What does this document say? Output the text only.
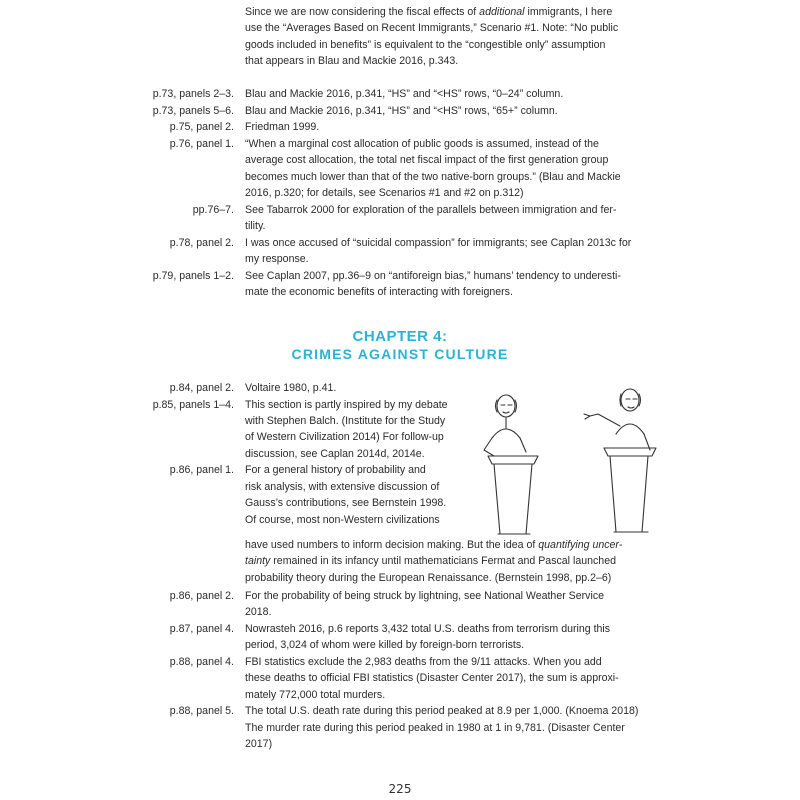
Since we are now considering the fiscal effects of additional immigrants, I here
use the “Averages Based on Recent Immigrants,” Scenario #1. Note: “No public
goods included in benefits” is equivalent to the “congestible only” assumption
that appears in Blau and Mackie 2016, p.343.
p.73, panels 2–3. Blau and Mackie 2016, p.341, “HS” and “<HS” rows, “0–24” column.
p.73, panels 5–6. Blau and Mackie 2016, p.341, “HS” and “<HS” rows, “65+” column.
p.75, panel 2. Friedman 1999.
p.76, panel 1. “When a marginal cost allocation of public goods is assumed, instead of the
average cost allocation, the total net fiscal impact of the first generation group
becomes much lower than that of the two native-born groups.” (Blau and Mackie
2016, p.320; for details, see Scenarios #1 and #2 on p.312)
pp.76–7. See Tabarrok 2000 for exploration of the parallels between immigration and fer-
tility.
p.78, panel 2. I was once accused of “suicidal compassion” for immigrants; see Caplan 2013c for
my response.
p.79, panels 1–2. See Caplan 2007, pp.36–9 on “antiforeign bias,” humans’ tendency to underesti-
mate the economic benefits of interacting with foreigners.
CHAPTER 4:
CRIMES AGAINST CULTURE
p.84, panel 2. Voltaire 1980, p.41.
p.85, panels 1–4. This section is partly inspired by my debate
with Stephen Balch. (Institute for the Study
of Western Civilization 2014) For follow-up
discussion, see Caplan 2014d, 2014e.
p.86, panel 1. For a general history of probability and
risk analysis, with extensive discussion of
Gauss’s contributions, see Bernstein 1998.
Of course, most non-Western civilizations
have used numbers to inform decision making. But the idea of quantifying uncer-
tainty remained in its infancy until mathematicians Fermat and Pascal launched
probability theory during the European Renaissance. (Bernstein 1998, pp.2–6)
p.86, panel 2. For the probability of being struck by lightning, see National Weather Service
2018.
p.87, panel 4. Nowrasteh 2016, p.6 reports 3,432 total U.S. deaths from terrorism during this
period, 3,024 of whom were killed by foreign-born terrorists.
p.88, panel 4. FBI statistics exclude the 2,983 deaths from the 9/11 attacks. When you add
these deaths to official FBI statistics (Disaster Center 2017), the sum is approxi-
mately 772,000 total murders.
p.88, panel 5. The total U.S. death rate during this period peaked at 8.9 per 1,000. (Knoema 2018)
The murder rate during this period peaked in 1980 at 1 in 9,781. (Disaster Center
2017)
225
